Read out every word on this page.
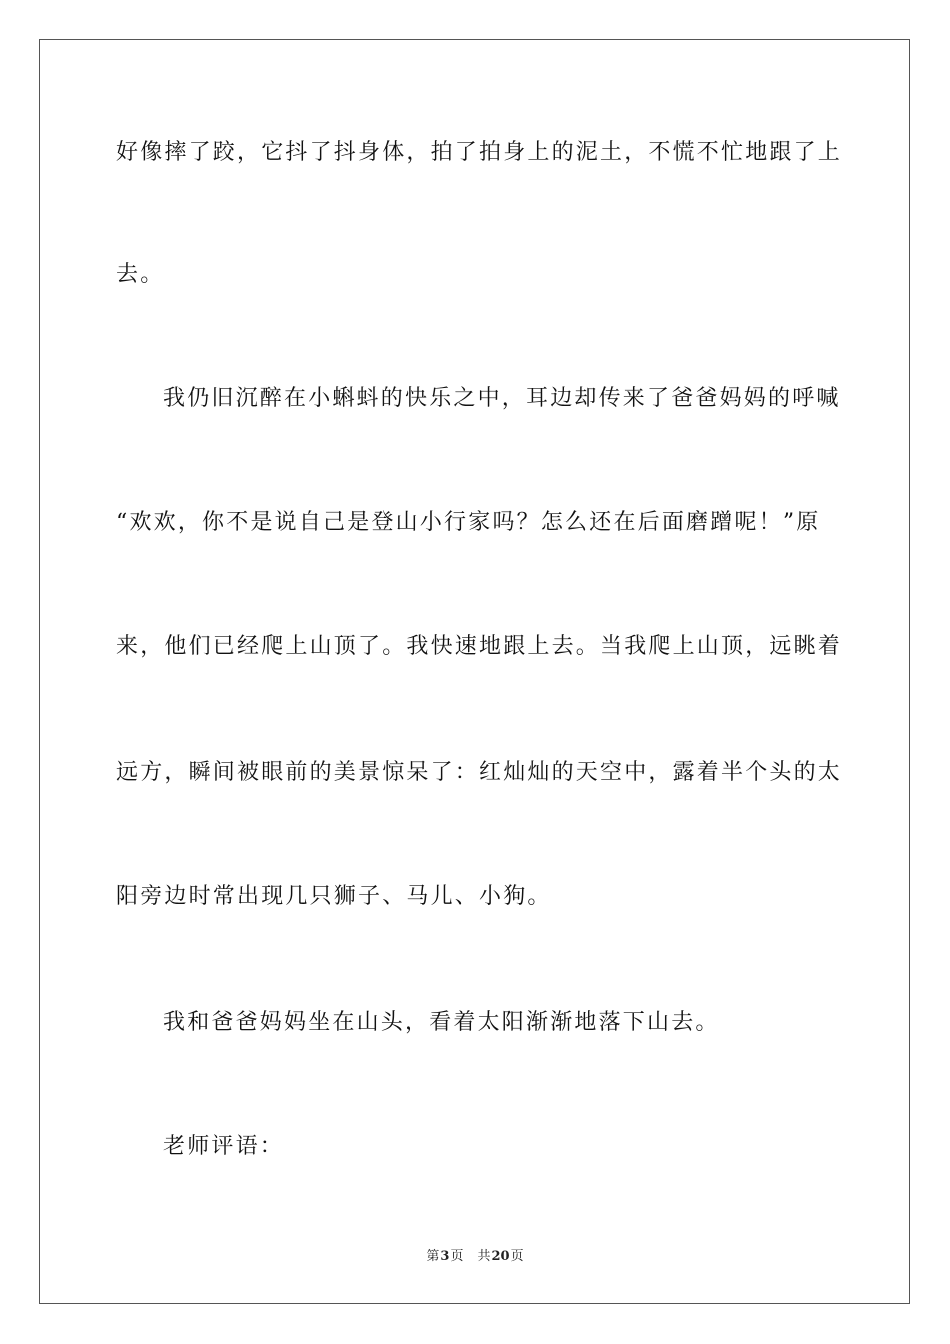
好像摔了跤，它抖了抖身体，拍了拍身上的泥土，不慌不忙地跟了上
去。
我仍旧沉醉在小蝌蚪的快乐之中，耳边却传来了爸爸妈妈的呼喊
“欢欢，你不是说自己是登山小行家吗？怎么还在后面磨蹭呢！”原
来，他们已经爬上山顶了。我快速地跟上去。当我爬上山顶，远眺着
远方，瞬间被眼前的美景惊呆了：红灿灿的天空中，露着半个头的太
阳旁边时常出现几只狮子、马儿、小狗。
我和爸爸妈妈坐在山头，看着太阳渐渐地落下山去。
老师评语：
第3页 共20页
